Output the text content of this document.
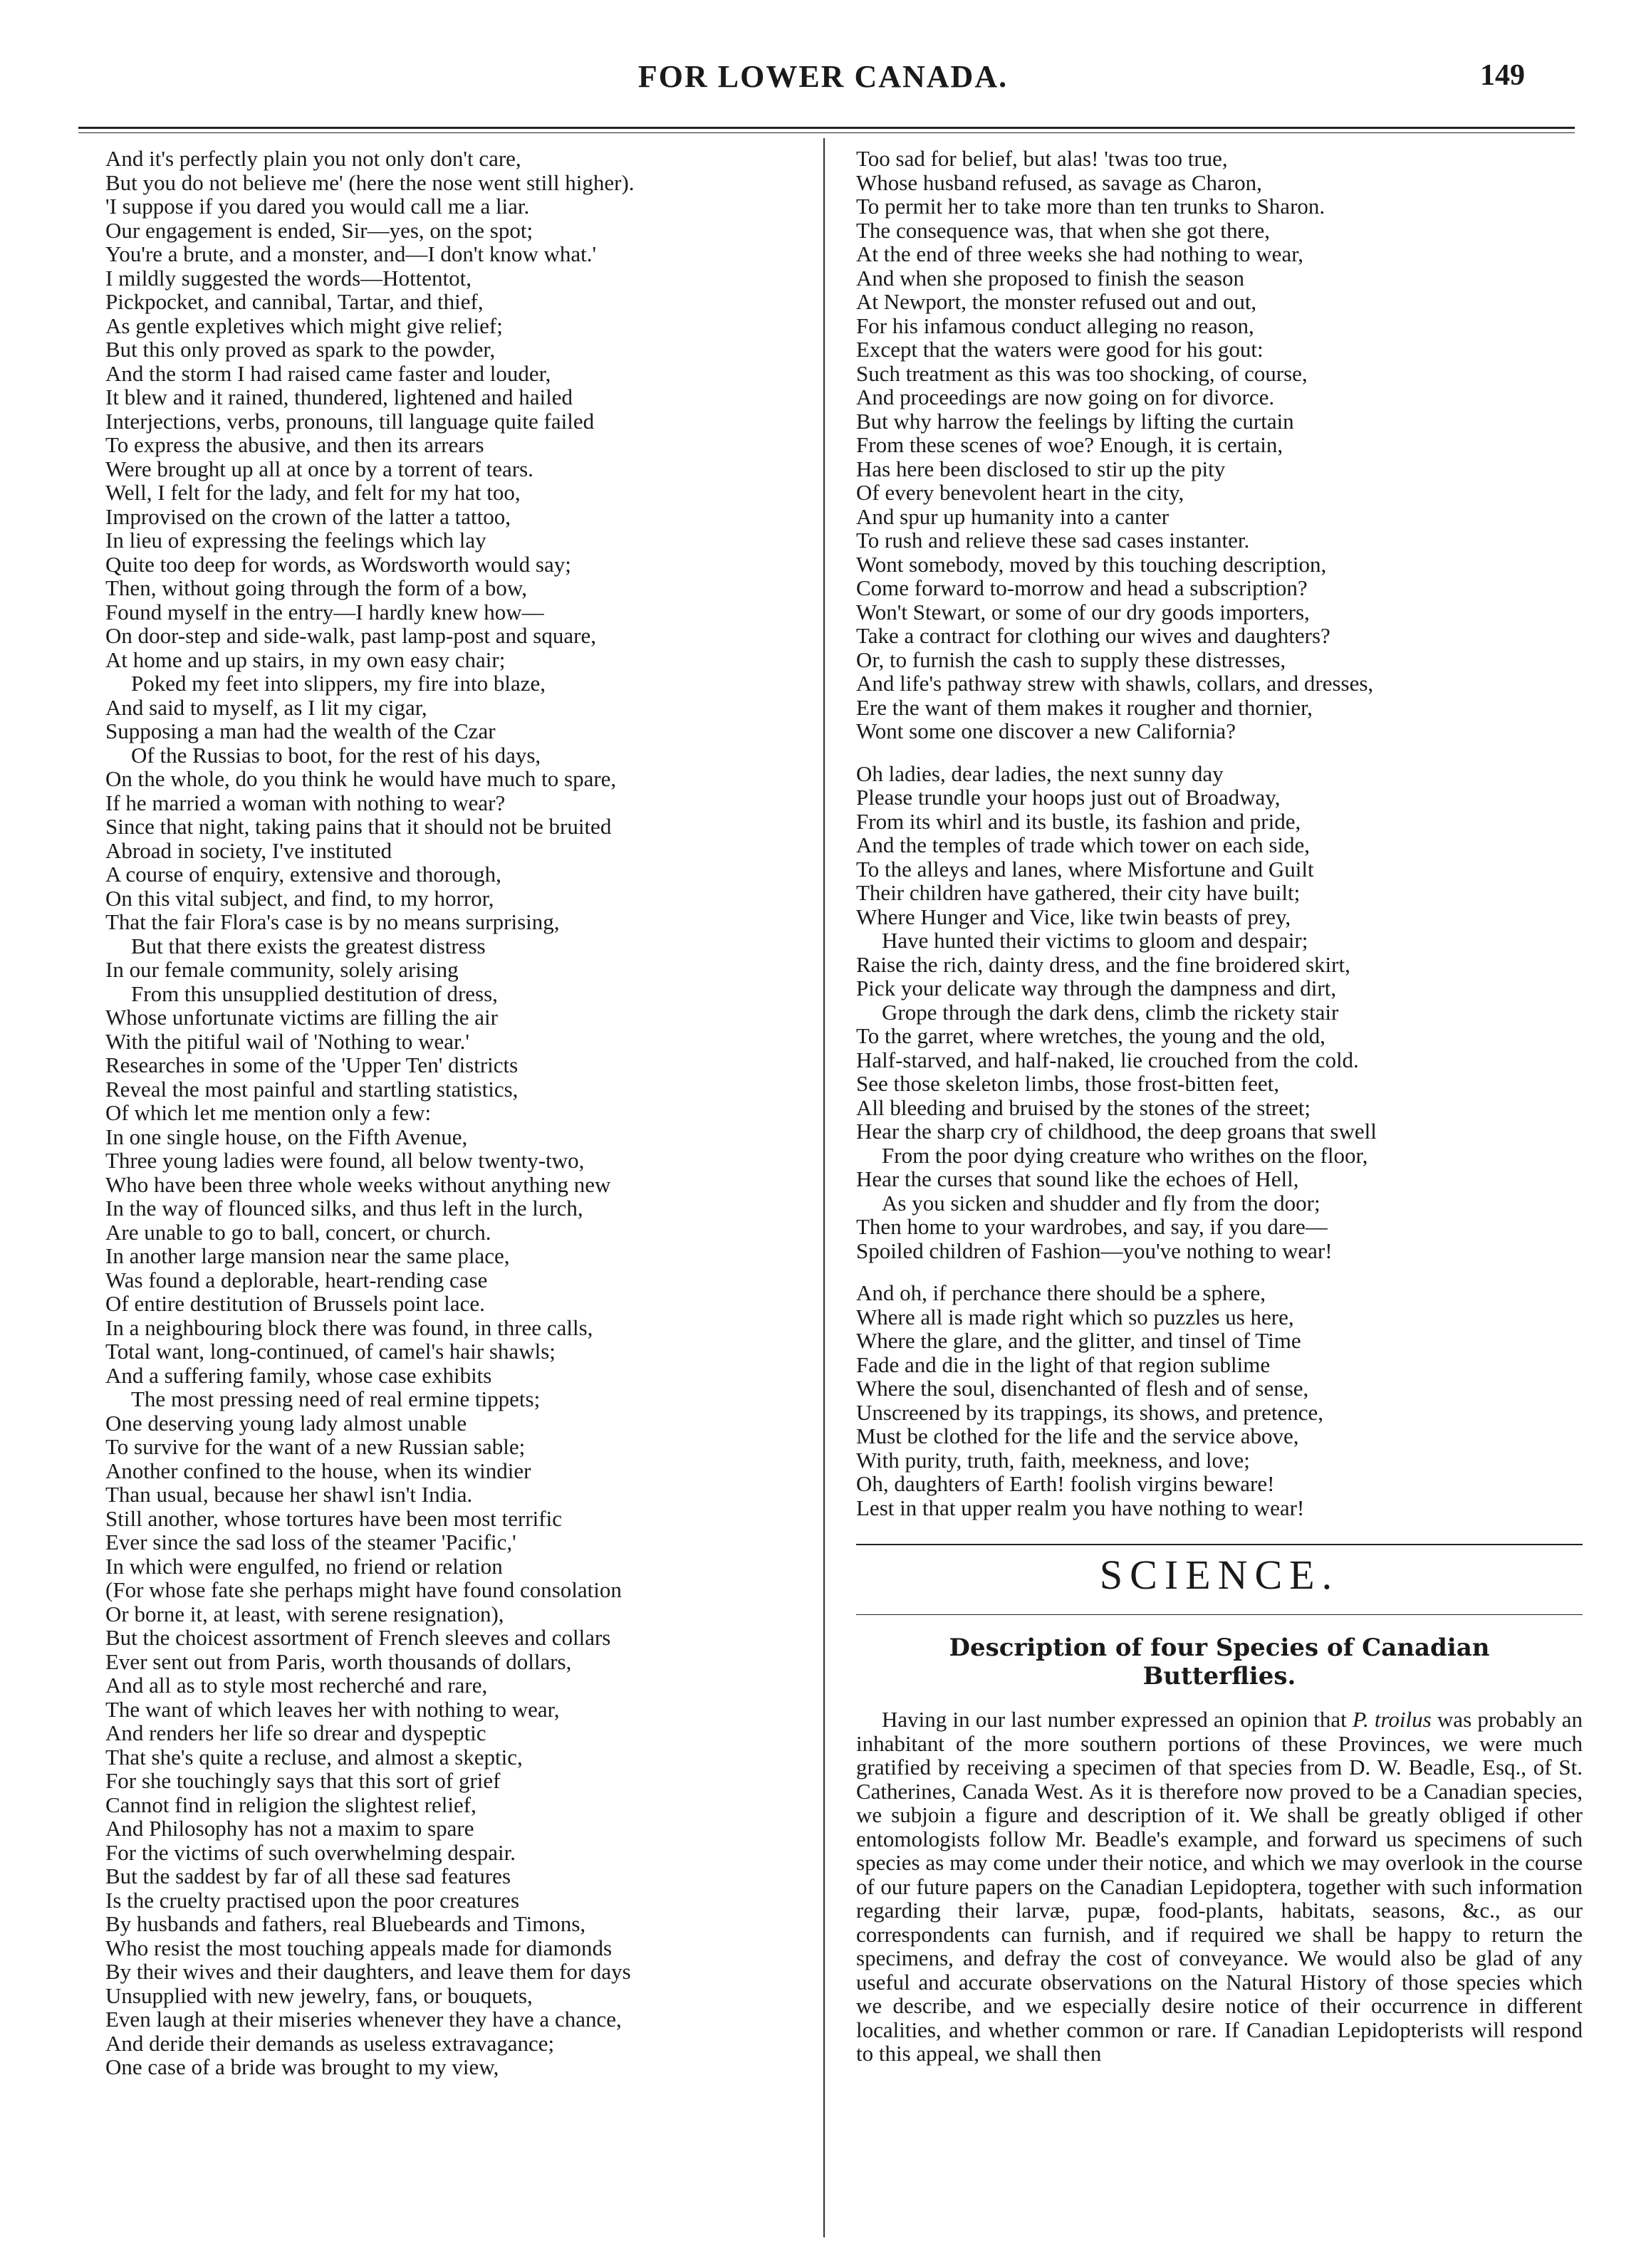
FOR LOWER CANADA.	149
And it's perfectly plain you not only don't care,
But you do not believe me' (here the nose went still higher).
'I suppose if you dared you would call me a liar.
Our engagement is ended, Sir—yes, on the spot;
You're a brute, and a monster, and—I don't know what.'
I mildly suggested the words—Hottentot,
Pickpocket, and cannibal, Tartar, and thief,
As gentle expletives which might give relief;
But this only proved as spark to the powder,
And the storm I had raised came faster and louder,
It blew and it rained, thundered, lightened and hailed
Interjections, verbs, pronouns, till language quite failed
To express the abusive, and then its arrears
Were brought up all at once by a torrent of tears.
Well, I felt for the lady, and felt for my hat too,
Improvised on the crown of the latter a tattoo,
In lieu of expressing the feelings which lay
Quite too deep for words, as Wordsworth would say;
Then, without going through the form of a bow,
Found myself in the entry—I hardly knew how—
On door-step and side-walk, past lamp-post and square,
At home and up stairs, in my own easy chair;
Poked my feet into slippers, my fire into blaze,
And said to myself, as I lit my cigar,
Supposing a man had the wealth of the Czar
Of the Russias to boot, for the rest of his days,
On the whole, do you think he would have much to spare,
If he married a woman with nothing to wear?
Since that night, taking pains that it should not be bruited
Abroad in society, I've instituted
A course of enquiry, extensive and thorough,
On this vital subject, and find, to my horror,
That the fair Flora's case is by no means surprising,
But that there exists the greatest distress
In our female community, solely arising
From this unsupplied destitution of dress,
Whose unfortunate victims are filling the air
With the pitiful wail of 'Nothing to wear.'
Researches in some of the 'Upper Ten' districts
Reveal the most painful and startling statistics,
Of which let me mention only a few:
In one single house, on the Fifth Avenue,
Three young ladies were found, all below twenty-two,
Who have been three whole weeks without anything new
In the way of flounced silks, and thus left in the lurch,
Are unable to go to ball, concert, or church.
In another large mansion near the same place,
Was found a deplorable, heart-rending case
Of entire destitution of Brussels point lace.
In a neighbouring block there was found, in three calls,
Total want, long-continued, of camel's hair shawls;
And a suffering family, whose case exhibits
The most pressing need of real ermine tippets;
One deserving young lady almost unable
To survive for the want of a new Russian sable;
Another confined to the house, when its windier
Than usual, because her shawl isn't India.
Still another, whose tortures have been most terrific
Ever since the sad loss of the steamer 'Pacific,'
In which were engulfed, no friend or relation
(For whose fate she perhaps might have found consolation
Or borne it, at least, with serene resignation),
But the choicest assortment of French sleeves and collars
Ever sent out from Paris, worth thousands of dollars,
And all as to style most recherché and rare,
The want of which leaves her with nothing to wear,
And renders her life so drear and dyspeptic
That she's quite a recluse, and almost a skeptic,
For she touchingly says that this sort of grief
Cannot find in religion the slightest relief,
And Philosophy has not a maxim to spare
For the victims of such overwhelming despair.
But the saddest by far of all these sad features
Is the cruelty practised upon the poor creatures
By husbands and fathers, real Bluebeards and Timons,
Who resist the most touching appeals made for diamonds
By their wives and their daughters, and leave them for days
Unsupplied with new jewelry, fans, or bouquets,
Even laugh at their miseries whenever they have a chance,
And deride their demands as useless extravagance;
One case of a bride was brought to my view,
Too sad for belief, but alas! 'twas too true,
Whose husband refused, as savage as Charon,
To permit her to take more than ten trunks to Sharon.
The consequence was, that when she got there,
At the end of three weeks she had nothing to wear,
And when she proposed to finish the season
At Newport, the monster refused out and out,
For his infamous conduct alleging no reason,
Except that the waters were good for his gout:
Such treatment as this was too shocking, of course,
And proceedings are now going on for divorce.
But why harrow the feelings by lifting the curtain
From these scenes of woe? Enough, it is certain,
Has here been disclosed to stir up the pity
Of every benevolent heart in the city,
And spur up humanity into a canter
To rush and relieve these sad cases instanter.
Wont somebody, moved by this touching description,
Come forward to-morrow and head a subscription?
Won't Stewart, or some of our dry goods importers,
Take a contract for clothing our wives and daughters?
Or, to furnish the cash to supply these distresses,
And life's pathway strew with shawls, collars, and dresses,
Ere the want of them makes it rougher and thornier,
Wont some one discover a new California?
Oh ladies, dear ladies, the next sunny day
Please trundle your hoops just out of Broadway,
From its whirl and its bustle, its fashion and pride,
And the temples of trade which tower on each side,
To the alleys and lanes, where Misfortune and Guilt
Their children have gathered, their city have built;
Where Hunger and Vice, like twin beasts of prey,
Have hunted their victims to gloom and despair;
Raise the rich, dainty dress, and the fine broidered skirt,
Pick your delicate way through the dampness and dirt,
Grope through the dark dens, climb the rickety stair
To the garret, where wretches, the young and the old,
Half-starved, and half-naked, lie crouched from the cold.
See those skeleton limbs, those frost-bitten feet,
All bleeding and bruised by the stones of the street;
Hear the sharp cry of childhood, the deep groans that swell
From the poor dying creature who writhes on the floor,
Hear the curses that sound like the echoes of Hell,
As you sicken and shudder and fly from the door;
Then home to your wardrobes, and say, if you dare—
Spoiled children of Fashion—you've nothing to wear!
And oh, if perchance there should be a sphere,
Where all is made right which so puzzles us here,
Where the glare, and the glitter, and tinsel of Time
Fade and die in the light of that region sublime
Where the soul, disenchanted of flesh and of sense,
Unscreened by its trappings, its shows, and pretence,
Must be clothed for the life and the service above,
With purity, truth, faith, meekness, and love;
Oh, daughters of Earth! foolish virgins beware!
Lest in that upper realm you have nothing to wear!
SCIENCE.
Description of four Species of Canadian Butterflies.

Having in our last number expressed an opinion that P. troilus was probably an inhabitant of the more southern portions of these Provinces, we were much gratified by receiving a specimen of that species from D. W. Beadle, Esq., of St. Catherines, Canada West. As it is therefore now proved to be a Canadian species, we subjoin a figure and description of it. We shall be greatly obliged if other entomologists follow Mr. Beadle's example, and forward us specimens of such species as may come under their notice, and which we may overlook in the course of our future papers on the Canadian Lepidoptera, together with such information regarding their larvæ, pupæ, food-plants, habitats, seasons, &c., as our correspondents can furnish, and if required we shall be happy to return the specimens, and defray the cost of conveyance. We would also be glad of any useful and accurate observations on the Natural History of those species which we describe, and we especially desire notice of their occurrence in different localities, and whether common or rare. If Canadian Lepidopterists will respond to this appeal, we shall then
